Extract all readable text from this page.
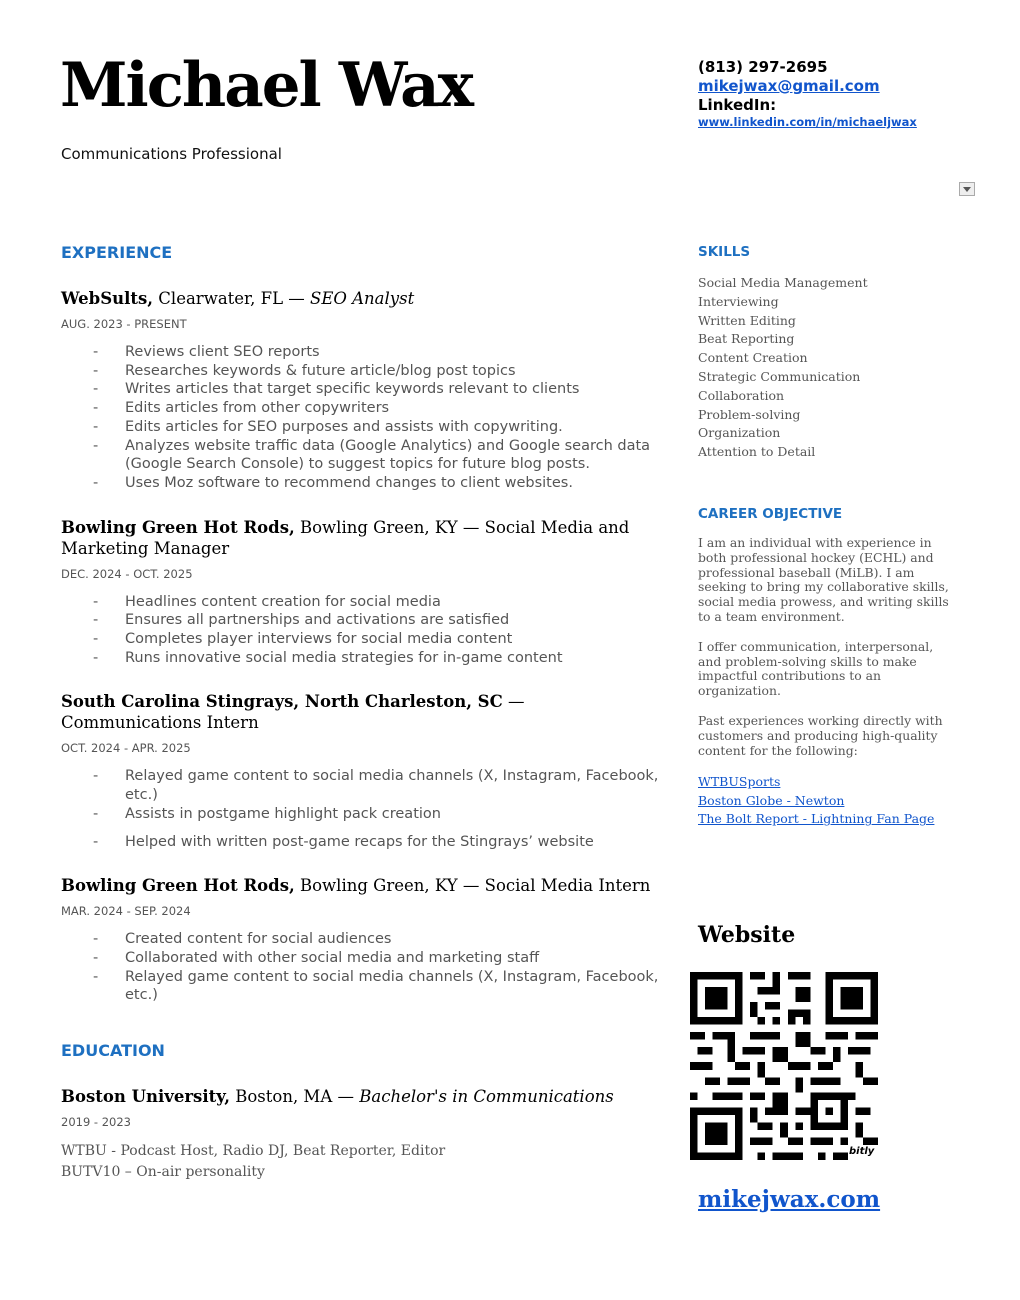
Michael Wax
Communications Professional
(813) 297-2695
mikejwax@gmail.com
LinkedIn:
www.linkedin.com/in/michaeljwax
EXPERIENCE
WebSults, Clearwater, FL — SEO Analyst
AUG. 2023 - PRESENT
- Reviews client SEO reports
- Researches keywords & future article/blog post topics
- Writes articles that target specific keywords relevant to clients
- Edits articles from other copywriters
- Edits articles for SEO purposes and assists with copywriting.
- Analyzes website traffic data (Google Analytics) and Google search data (Google Search Console) to suggest topics for future blog posts.
- Uses Moz software to recommend changes to client websites.
Bowling Green Hot Rods, Bowling Green, KY — Social Media and Marketing Manager
DEC. 2024 - OCT. 2025
- Headlines content creation for social media
- Ensures all partnerships and activations are satisfied
- Completes player interviews for social media content
- Runs innovative social media strategies for in-game content
South Carolina Stingrays, North Charleston, SC — Communications Intern
OCT. 2024 - APR. 2025
- Relayed game content to social media channels (X, Instagram, Facebook, etc.)
- Assists in postgame highlight pack creation
- Helped with written post-game recaps for the Stingrays’ website
Bowling Green Hot Rods, Bowling Green, KY — Social Media Intern
MAR. 2024 - SEP. 2024
- Created content for social audiences
- Collaborated with other social media and marketing staff
- Relayed game content to social media channels (X, Instagram, Facebook, etc.)
EDUCATION
Boston University, Boston, MA — Bachelor's in Communications
2019 - 2023
WTBU - Podcast Host, Radio DJ, Beat Reporter, Editor
BUTV10 – On-air personality
SKILLS
Social Media Management
Interviewing
Written Editing
Beat Reporting
Content Creation
Strategic Communication
Collaboration
Problem-solving
Organization
Attention to Detail
CAREER OBJECTIVE

I am an individual with experience in both professional hockey (ECHL) and professional baseball (MiLB). I am seeking to bring my collaborative skills, social media prowess, and writing skills to a team environment.

I offer communication, interpersonal, and problem-solving skills to make impactful contributions to an organization.

Past experiences working directly with customers and producing high-quality content for the following:

WTBUSports
Boston Globe - Newton
The Bolt Report - Lightning Fan Page
Website
bitly
mikejwax.com
